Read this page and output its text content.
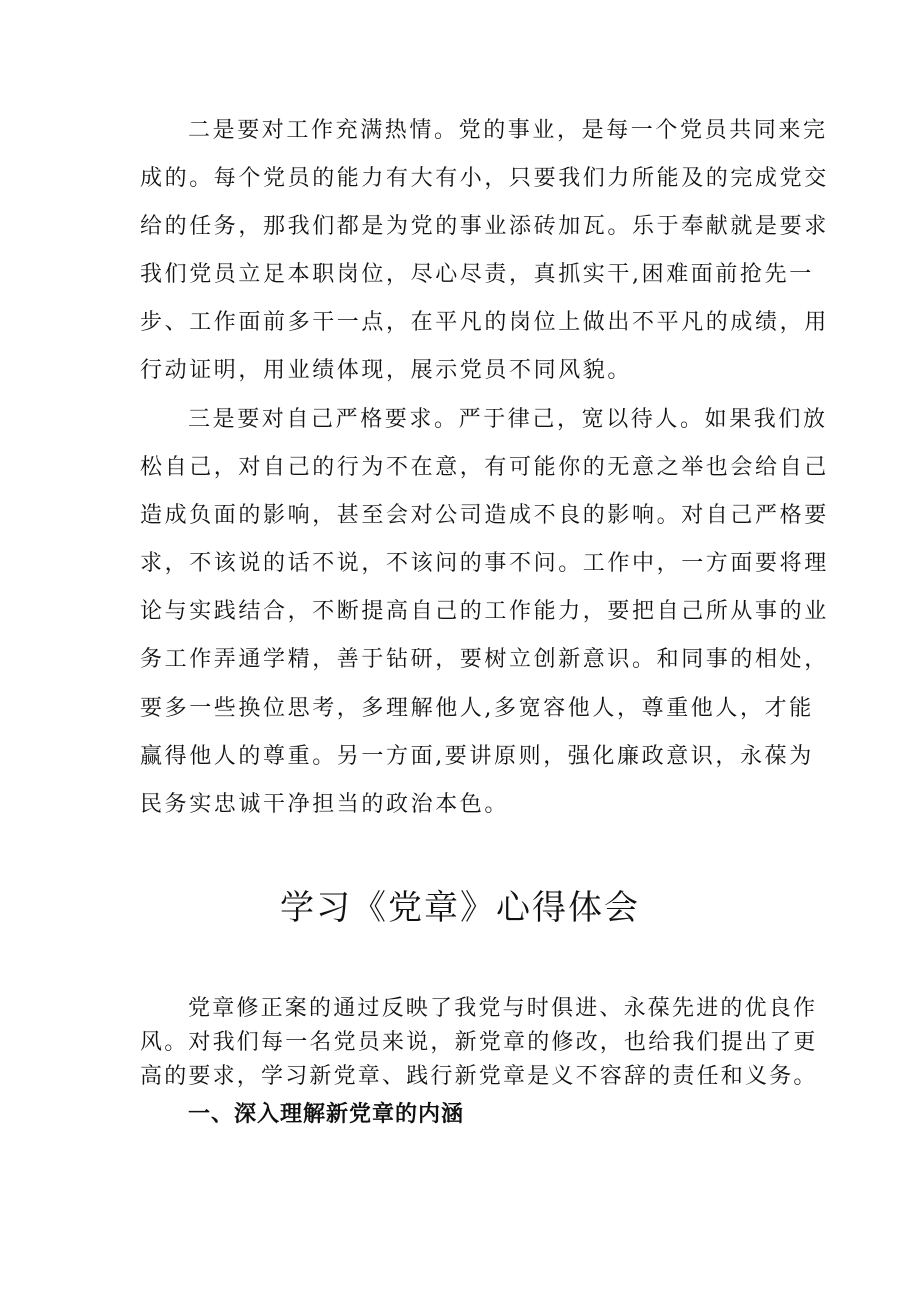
二是要对工作充满热情。党的事业，是每一个党员共同来完
成的。每个党员的能力有大有小，只要我们力所能及的完成党交
给的任务，那我们都是为党的事业添砖加瓦。乐于奉献就是要求
我们党员立足本职岗位，尽心尽责，真抓实干,困难面前抢先一
步、工作面前多干一点，在平凡的岗位上做出不平凡的成绩，用
行动证明，用业绩体现，展示党员不同风貌。
三是要对自己严格要求。严于律己，宽以待人。如果我们放
松自己，对自己的行为不在意，有可能你的无意之举也会给自己
造成负面的影响，甚至会对公司造成不良的影响。对自己严格要
求，不该说的话不说，不该问的事不问。工作中，一方面要将理
论与实践结合，不断提高自己的工作能力，要把自己所从事的业
务工作弄通学精，善于钻研，要树立创新意识。和同事的相处，
要多一些换位思考，多理解他人,多宽容他人，尊重他人，才能
赢得他人的尊重。另一方面,要讲原则，强化廉政意识，永葆为
民务实忠诚干净担当的政治本色。
学习《党章》心得体会
党章修正案的通过反映了我党与时俱进、永葆先进的优良作
风。对我们每一名党员来说，新党章的修改，也给我们提出了更
高的要求，学习新党章、践行新党章是义不容辞的责任和义务。
一、深入理解新党章的内涵
